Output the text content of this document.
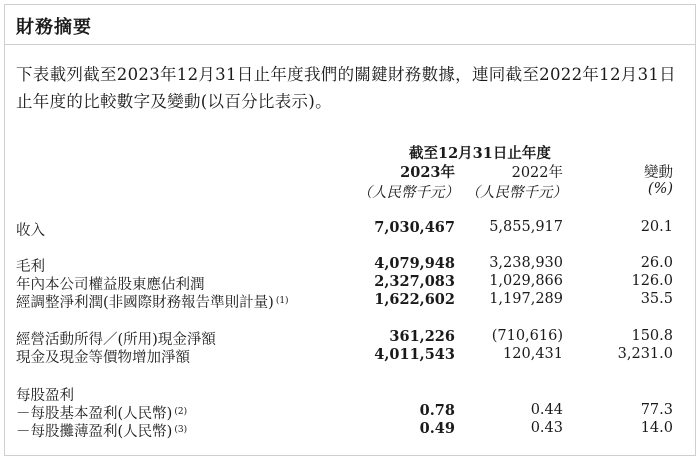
財務摘要
下表載列截至2023年12月31日止年度我們的關鍵財務數據，連同截至2022年12月31日止年度的比較數字及變動(以百分比表示)。
截至12月31日止年度
2023年	2022年	變動
（人民幣千元） （人民幣千元）	(%)
收入	7,030,467 5,855,917	20.1
毛利	4,079,948 3,238,930	26.0
年內本公司權益股東應佔利潤	2,327,083 1,029,866	126.0
經調整淨利潤(非國際財務報告準則計量) $^{(1)}$	1,622,602 1,197,289	35.5
經營活動所得／(所用)現金淨額	361,226	(710,616)	150.8
現金及現金等價物增加淨額	4,011,543	120,431	3,231.0
每股盈利
－每股基本盈利(人民幣) $^{(2)}$	0.78	0.44	77.3
－每股攤薄盈利(人民幣) $^{(3)}$	0.49	0.43	14.0
